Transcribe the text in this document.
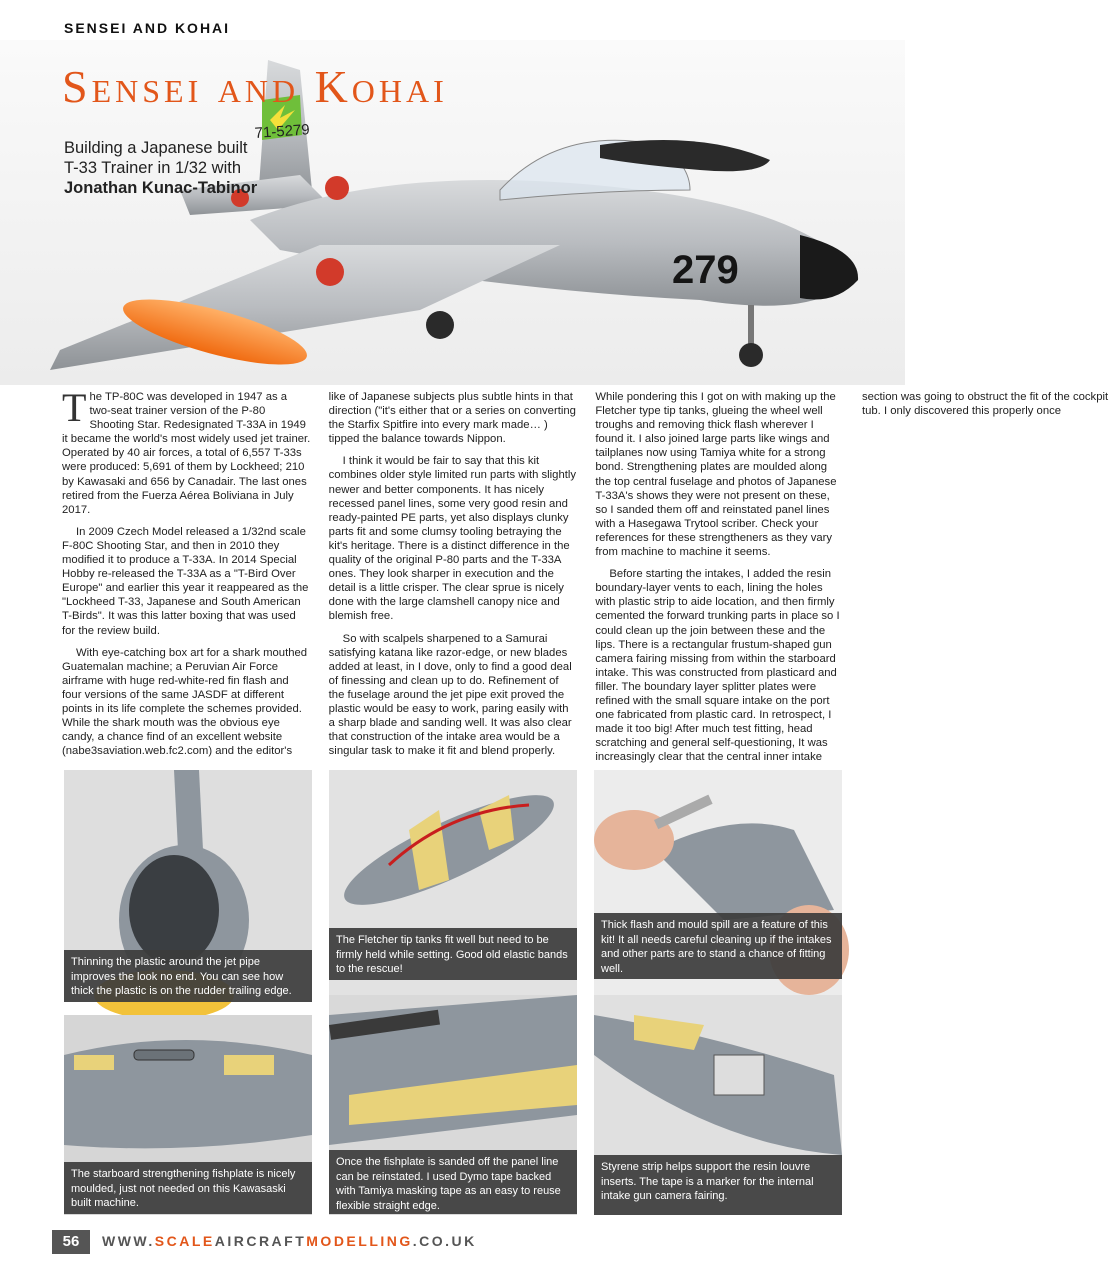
SENSEI AND KOHAI
71-5279
279
Sensei and Kohai
Building a Japanese built T-33 Trainer in 1/32 with
Jonathan Kunac-Tabinor

The TP-80C was developed in 1947 as a two-seat trainer version of the P-80 Shooting Star. Redesignated T-33A in 1949 it became the world's most widely used jet trainer. Operated by 40 air forces, a total of 6,557 T-33s were produced: 5,691 of them by Lockheed; 210 by Kawasaki and 656 by Canadair. The last ones retired from the Fuerza Aérea Boliviana in July 2017.

In 2009 Czech Model released a 1/32nd scale F-80C Shooting Star, and then in 2010 they modified it to produce a T-33A. In 2014 Special Hobby re-released the T-33A as a "T-Bird Over Europe" and earlier this year it reappeared as the "Lockheed T-33, Japanese and South American T-Birds". It was this latter boxing that was used for the review build.

With eye-catching box art for a shark mouthed Guatemalan machine; a Peruvian Air Force airframe with huge red-white-red fin flash and four versions of the same JASDF at different points in its life complete the schemes provided. While the shark mouth was the obvious eye candy, a chance find of an excellent website (nabe3saviation.web.fc2.com) and the editor's like of Japanese subjects plus subtle hints in that direction ("it's either that or a series on converting the Starfix Spitfire into every mark made… ) tipped the balance towards Nippon.

I think it would be fair to say that this kit combines older style limited run parts with slightly newer and better components. It has nicely recessed panel lines, some very good resin and ready-painted PE parts, yet also displays clunky parts fit and some clumsy tooling betraying the kit's heritage. There is a distinct difference in the quality of the original P-80 parts and the T-33A ones. They look sharper in execution and the detail is a little crisper. The clear sprue is nicely done with the large clamshell canopy nice and blemish free.

So with scalpels sharpened to a Samurai satisfying katana like razor-edge, or new blades added at least, in I dove, only to find a good deal of finessing and clean up to do. Refinement of the fuselage around the jet pipe exit proved the plastic would be easy to work, paring easily with a sharp blade and sanding well. It was also clear that construction of the intake area would be a singular task to make it fit and blend properly. While pondering this I got on with making up the Fletcher type tip tanks, glueing the wheel well troughs and removing thick flash wherever I found it. I also joined large parts like wings and tailplanes now using Tamiya white for a strong bond. Strengthening plates are moulded along the top central fuselage and photos of Japanese T-33A's shows they were not present on these, so I sanded them off and reinstated panel lines with a Hasegawa Trytool scriber. Check your references for these strengtheners as they vary from machine to machine it seems.

Before starting the intakes, I added the resin boundary-layer vents to each, lining the holes with plastic strip to aide location, and then firmly cemented the forward trunking parts in place so I could clean up the join between these and the lips. There is a rectangular frustum-shaped gun camera fairing missing from within the starboard intake. This was constructed from plasticard and filler. The boundary layer splitter plates were refined with the small square intake on the port one fabricated from plastic card. In retrospect, I made it too big! After much test fitting, head scratching and general self-questioning, It was increasingly clear that the central inner intake section was going to obstruct the fit of the cockpit tub. I only discovered this properly once

Thinning the plastic around the jet pipe improves the look no end. You can see how thick the plastic is on the rudder trailing edge.
The Fletcher tip tanks fit well but need to be firmly held while setting. Good old elastic bands to the rescue!
Thick flash and mould spill are a feature of this kit! It all needs careful cleaning up if the intakes and other parts are to stand a chance of fitting well.
The starboard strengthening fishplate is nicely moulded, just not needed on this Kawasaski built machine.
Once the fishplate is sanded off the panel line can be reinstated. I used Dymo tape backed with Tamiya masking tape as an easy to reuse flexible straight edge.
Styrene strip helps support the resin louvre inserts. The tape is a marker for the internal intake gun camera fairing.
56	WWW.SCALEAIRCRAFTMODELLING.CO.UK
